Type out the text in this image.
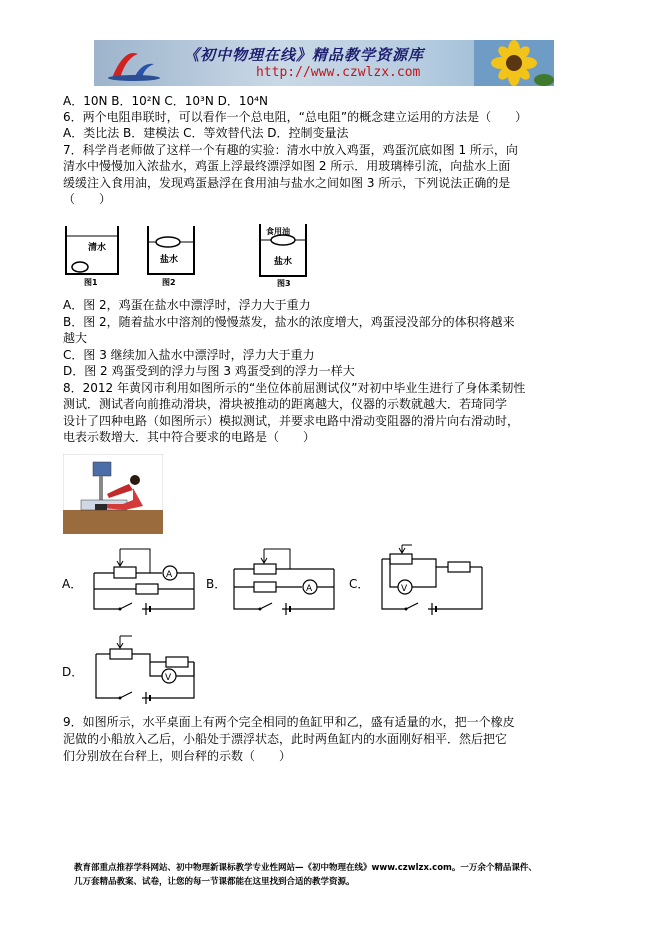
《初中物理在线》精品教学资源库
http://www.czwlzx.com
A．10N B．10²N C．10³N D．10⁴N
6．两个电阻串联时，可以看作一个总电阻，“总电阻”的概念建立运用的方法是（　　）
A．类比法 B．建模法 C．等效替代法 D．控制变量法
7．科学肖老师做了这样一个有趣的实验：清水中放入鸡蛋，鸡蛋沉底如图 1 所示，向
清水中慢慢加入浓盐水，鸡蛋上浮最终漂浮如图 2 所示．用玻璃棒引流，向盐水上面
缓缓注入食用油，发现鸡蛋悬浮在食用油与盐水之间如图 3 所示，下列说法正确的是
（　　）
清水
图1
盐水
图2
食用油
盐水
图3
A．图 2，鸡蛋在盐水中漂浮时，浮力大于重力
B．图 2，随着盐水中溶剂的慢慢蒸发，盐水的浓度增大，鸡蛋浸没部分的体积将越来
越大
C．图 3 继续加入盐水中漂浮时，浮力大于重力
D．图 2 鸡蛋受到的浮力与图 3 鸡蛋受到的浮力一样大
8．2012 年黄冈市利用如图所示的“坐位体前屈测试仪”对初中毕业生进行了身体柔韧性
测试．测试者向前推动滑块，滑块被推动的距离越大，仪器的示数就越大．若琦同学
设计了四种电路（如图所示）模拟测试，并要求电路中滑动变阻器的滑片向右滑动时，
电表示数增大．其中符合要求的电路是（　　）
A．
A
B．	A	C．	V
D．	V
9．如图所示，水平桌面上有两个完全相同的鱼缸甲和乙，盛有适量的水，把一个橡皮
泥做的小船放入乙后，小船处于漂浮状态，此时两鱼缸内的水面刚好相平．然后把它
们分别放在台秤上，则台秤的示数（　　）
教育部重点推荐学科网站、初中物理新课标教学专业性网站—《初中物理在线》www.czwlzx.com。一万余个精品课件、
几万套精品教案、试卷，让您的每一节课都能在这里找到合适的教学资源。
